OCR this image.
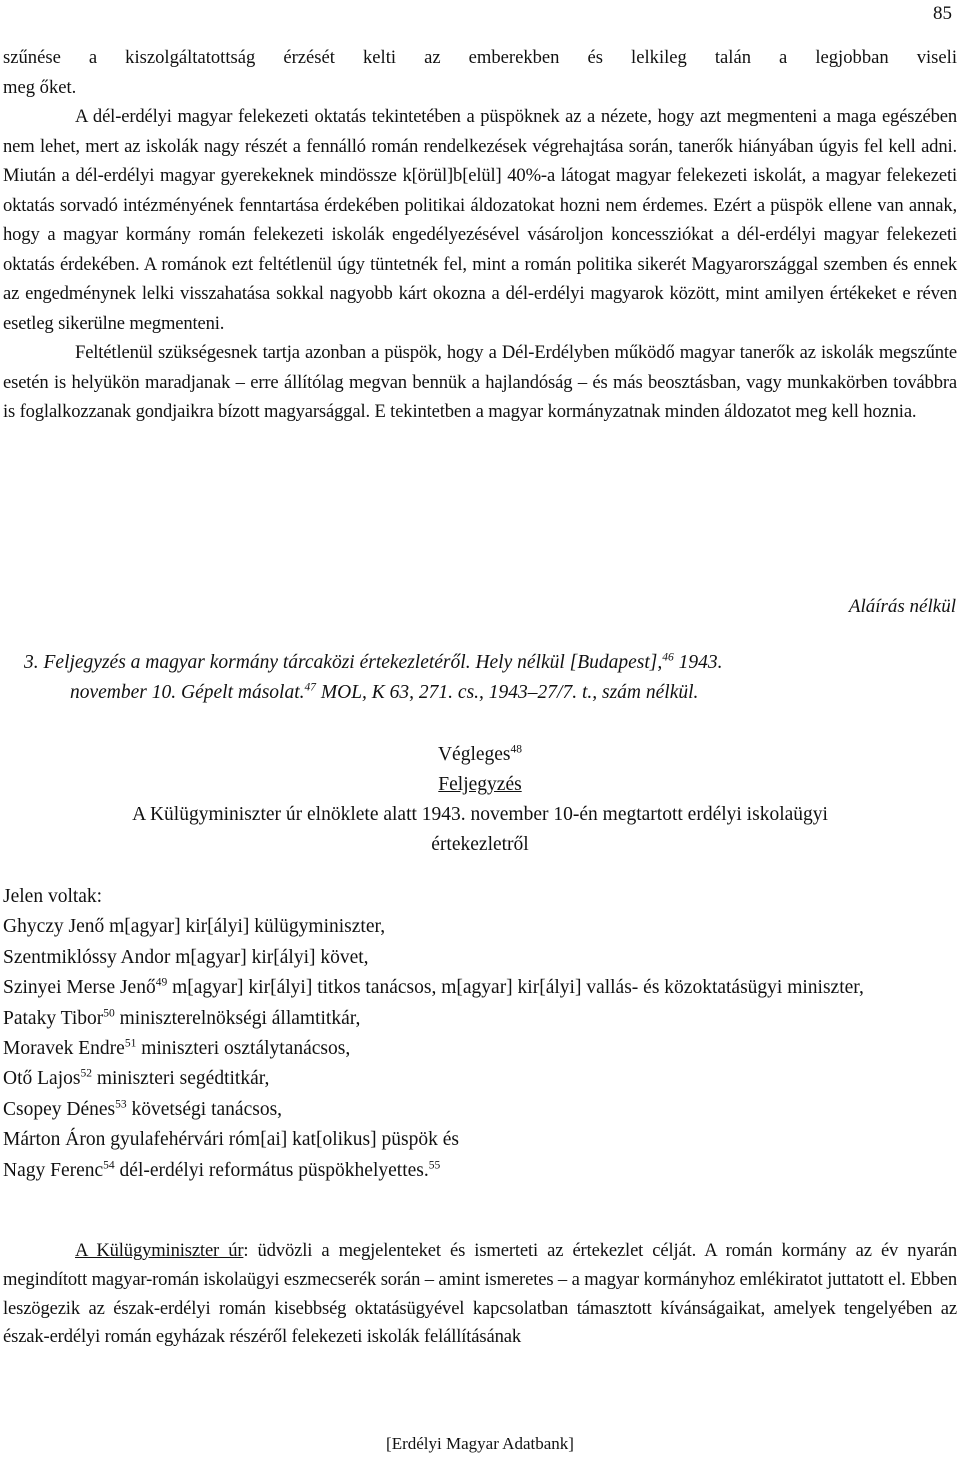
85

szűnése a kiszolgáltatottság érzését kelti az emberekben és lelkileg talán a legjobban viseli

meg őket.

A dél-erdélyi magyar felekezeti oktatás tekintetében a püspöknek az a nézete, hogy azt megmenteni a maga egészében nem lehet, mert az iskolák nagy részét a fennálló román rendelkezések végrehajtása során, tanerők hiányában úgyis fel kell adni. Miután a dél-erdélyi magyar gyerekeknek mindössze k[örül]b[elül] 40%-a látogat magyar felekezeti iskolát, a magyar felekezeti oktatás sorvadó intézményének fenntartása érdekében politikai áldozatokat hozni nem érdemes. Ezért a püspök ellene van annak, hogy a magyar kormány román felekezeti iskolák engedélyezésével vásároljon koncessziókat a dél-erdélyi magyar felekezeti oktatás érdekében. A románok ezt feltétlenül úgy tüntetnék fel, mint a román politika sikerét Magyarországgal szemben és ennek az engedménynek lelki visszahatása sokkal nagyobb kárt okozna a dél-erdélyi magyarok között, mint amilyen értékeket e réven esetleg sikerülne megmenteni.

Feltétlenül szükségesnek tartja azonban a püspök, hogy a Dél-Erdélyben működő magyar tanerők az iskolák megszűnte esetén is helyükön maradjanak – erre állítólag megvan bennük a hajlandóság – és más beosztásban, vagy munkakörben továbbra is foglalkozzanak gondjaikra bízott magyarsággal. E tekintetben a magyar kormányzatnak minden áldozatot meg kell hoznia.

Aláírás nélkül
3. Feljegyzés a magyar kormány tárcaközi értekezletéről. Hely nélkül [Budapest],$^{46}$ 1943.
november 10. Gépelt másolat.$^{47}$ MOL, K 63, 271. cs., 1943–27/7. t., szám nélkül.
Végleges$^{48}$
Feljegyzés
A Külügyminiszter úr elnöklete alatt 1943. november 10-én megtartott erdélyi iskolaügyi
értekezletről
Jelen voltak:
Ghyczy Jenő m[agyar] kir[ályi] külügyminiszter,
Szentmiklóssy Andor m[agyar] kir[ályi] követ,
Szinyei Merse Jenő$^{49}$ m[agyar] kir[ályi] titkos tanácsos, m[agyar] kir[ályi] vallás- és közoktatásügyi miniszter,
Pataky Tibor$^{50}$ miniszterelnökségi államtitkár,
Moravek Endre$^{51}$ miniszteri osztálytanácsos,
Otő Lajos$^{52}$ miniszteri segédtitkár,
Csopey Dénes$^{53}$ követségi tanácsos,
Márton Áron gyulafehérvári róm[ai] kat[olikus] püspök és
Nagy Ferenc$^{54}$ dél-erdélyi református püspökhelyettes.$^{55}$

A Külügyminiszter úr: üdvözli a megjelenteket és ismerteti az értekezlet célját. A román kormány az év nyarán megindított magyar-román iskolaügyi eszmecserék során – amint ismeretes – a magyar kormányhoz emlékiratot juttatott el. Ebben leszögezik az észak-erdélyi román kisebbség oktatásügyével kapcsolatban támasztott kívánságaikat, amelyek tengelyében az észak-erdélyi román egyházak részéről felekezeti iskolák felállításának

[Erdélyi Magyar Adatbank]
